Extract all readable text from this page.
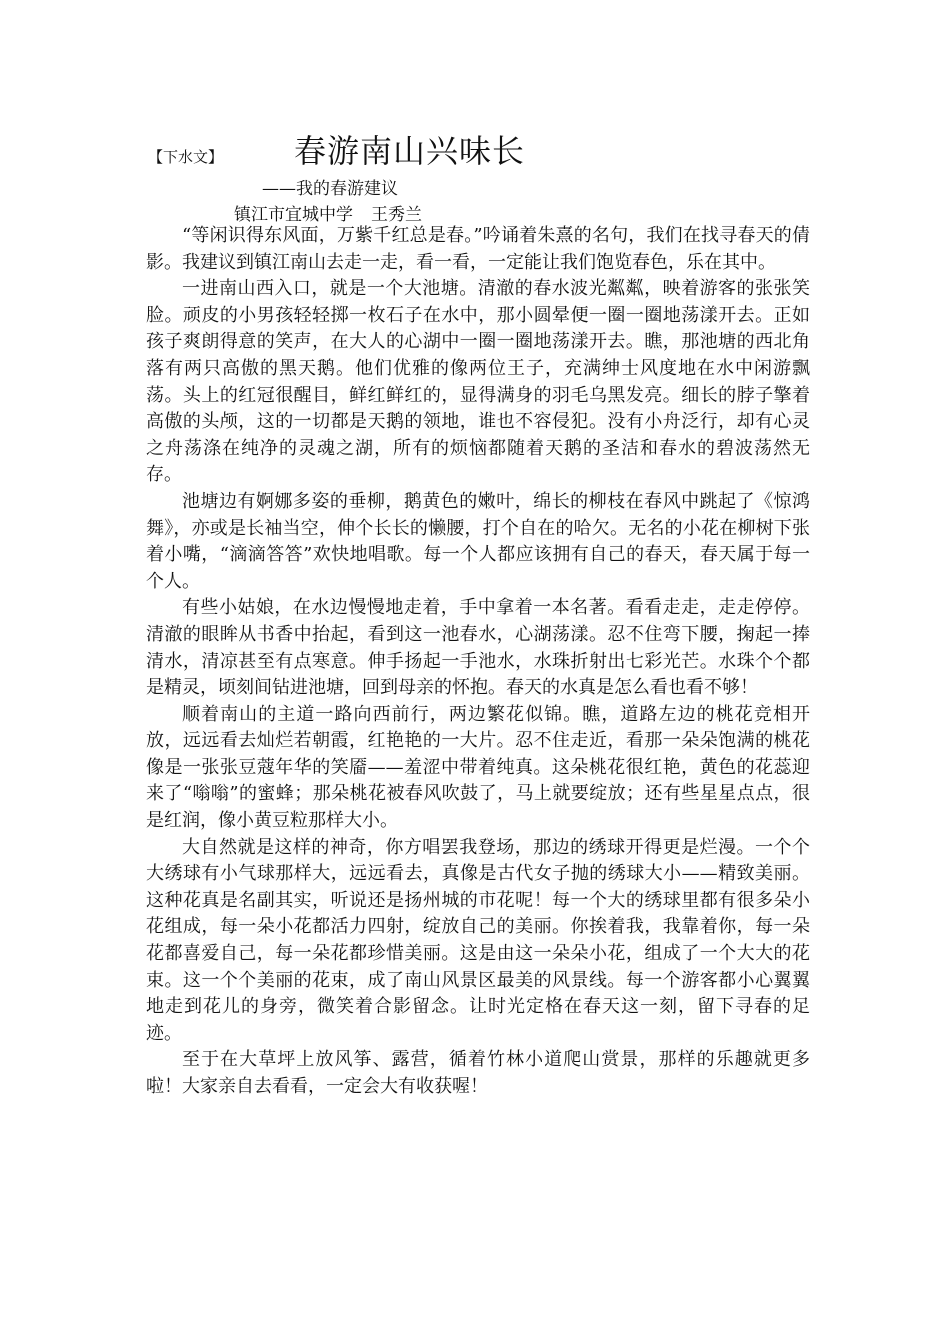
【下水文】 春游南山兴味长
——我的春游建议
镇江市宜城中学 王秀兰

“等闲识得东风面，万紫千红总是春。”吟诵着朱熹的名句，我们在找寻春天的倩影。我建议到镇江南山去走一走，看一看，一定能让我们饱览春色，乐在其中。

一进南山西入口，就是一个大池塘。清澈的春水波光粼粼，映着游客的张张笑脸。顽皮的小男孩轻轻掷一枚石子在水中，那小圆晕便一圈一圈地荡漾开去。正如孩子爽朗得意的笑声，在大人的心湖中一圈一圈地荡漾开去。瞧，那池塘的西北角落有两只高傲的黑天鹅。他们优雅的像两位王子，充满绅士风度地在水中闲游飘荡。头上的红冠很醒目，鲜红鲜红的，显得满身的羽毛乌黑发亮。细长的脖子擎着高傲的头颅，这的一切都是天鹅的领地，谁也不容侵犯。没有小舟泛行，却有心灵之舟荡涤在纯净的灵魂之湖，所有的烦恼都随着天鹅的圣洁和春水的碧波荡然无存。

池塘边有婀娜多姿的垂柳，鹅黄色的嫩叶，绵长的柳枝在春风中跳起了《惊鸿舞》，亦或是长袖当空，伸个长长的懒腰，打个自在的哈欠。无名的小花在柳树下张着小嘴，“滴滴答答”欢快地唱歌。每一个人都应该拥有自己的春天，春天属于每一个人。

有些小姑娘，在水边慢慢地走着，手中拿着一本名著。看看走走，走走停停。清澈的眼眸从书香中抬起，看到这一池春水，心湖荡漾。忍不住弯下腰，掬起一捧清水，清凉甚至有点寒意。伸手扬起一手池水，水珠折射出七彩光芒。水珠个个都是精灵，顷刻间钻进池塘，回到母亲的怀抱。春天的水真是怎么看也看不够！

顺着南山的主道一路向西前行，两边繁花似锦。瞧，道路左边的桃花竞相开放，远远看去灿烂若朝霞，红艳艳的一大片。忍不住走近，看那一朵朵饱满的桃花像是一张张豆蔻年华的笑靥——羞涩中带着纯真。这朵桃花很红艳，黄色的花蕊迎来了“嗡嗡”的蜜蜂；那朵桃花被春风吹鼓了，马上就要绽放；还有些星星点点，很是红润，像小黄豆粒那样大小。

大自然就是这样的神奇，你方唱罢我登场，那边的绣球开得更是烂漫。一个个大绣球有小气球那样大，远远看去，真像是古代女子抛的绣球大小——精致美丽。这种花真是名副其实，听说还是扬州城的市花呢！每一个大的绣球里都有很多朵小花组成，每一朵小花都活力四射，绽放自己的美丽。你挨着我，我靠着你，每一朵花都喜爱自己，每一朵花都珍惜美丽。这是由这一朵朵小花，组成了一个大大的花束。这一个个美丽的花束，成了南山风景区最美的风景线。每一个游客都小心翼翼地走到花儿的身旁，微笑着合影留念。让时光定格在春天这一刻，留下寻春的足迹。

至于在大草坪上放风筝、露营，循着竹林小道爬山赏景，那样的乐趣就更多啦！大家亲自去看看，一定会大有收获喔！
